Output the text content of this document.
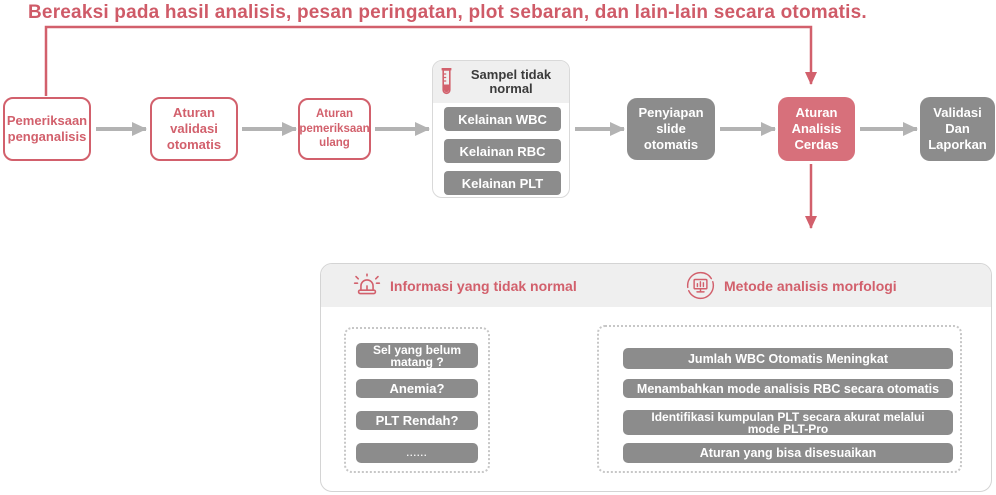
Bereaksi pada hasil analisis, pesan peringatan, plot sebaran, dan lain-lain secara otomatis.
Pemeriksaan penganalisis
Aturan validasi otomatis
Aturan pemeriksaan ulang
Sampel tidak normal
Kelainan WBC
Kelainan RBC
Kelainan PLT
Penyiapan slide otomatis
Aturan Analisis Cerdas
Validasi Dan Laporkan
Informasi yang tidak normal	Metode analisis morfologi
Sel yang belum matang ?
Anemia?
PLT Rendah?
......
Jumlah WBC Otomatis Meningkat
Menambahkan mode analisis RBC secara otomatis
Identifikasi kumpulan PLT secara akurat melalui mode PLT-Pro
Aturan yang bisa disesuaikan
